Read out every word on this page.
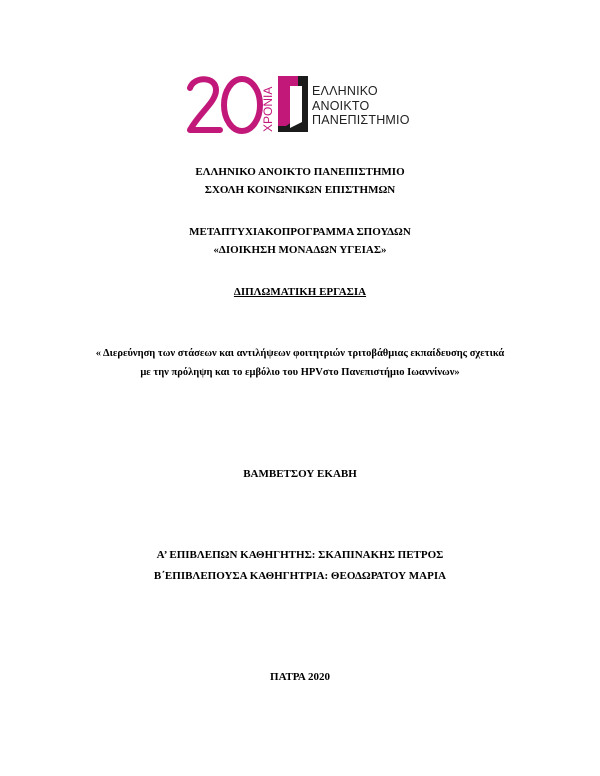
ΧΡΟΝΙΑ	ΕΛΛΗΝΙΚΟ
ΑΝΟΙΚΤΟ
ΠΑΝΕΠΙΣΤΗΜΙΟ
ΕΛΛΗΝΙΚΟ ΑΝΟΙΚΤΟ ΠΑΝΕΠΙΣΤΗΜΙΟ
ΣΧΟΛΗ ΚΟΙΝΩΝΙΚΩΝ ΕΠΙΣΤΗΜΩΝ
ΜΕΤΑΠΤΥΧΙΑΚΟΠΡΟΓΡΑΜΜΑ ΣΠΟΥΔΩΝ
«ΔΙΟΙΚΗΣΗ ΜΟΝΑΔΩΝ ΥΓΕΙΑΣ»
ΔΙΠΛΩΜΑΤΙΚΗ ΕΡΓΑΣΙΑ
« Διερεύνηση των στάσεων και αντιλήψεων φοιτητριών τριτοβάθμιας εκπαίδευσης σχετικά
με την πρόληψη και το εμβόλιο του HPVστο Πανεπιστήμιο Ιωαννίνων»
ΒΑΜΒΕΤΣΟΥ ΕΚΑΒΗ
Α’ ΕΠΙΒΛΕΠΩΝ ΚΑΘΗΓΗΤΗΣ: ΣΚΑΠΙΝΑΚΗΣ ΠΕΤΡΟΣ
Β΄ΕΠΙΒΛΕΠΟΥΣΑ ΚΑΘΗΓΗΤΡΙΑ: ΘΕΟΔΩΡΑΤΟΥ ΜΑΡΙΑ
ΠΑΤΡΑ 2020
